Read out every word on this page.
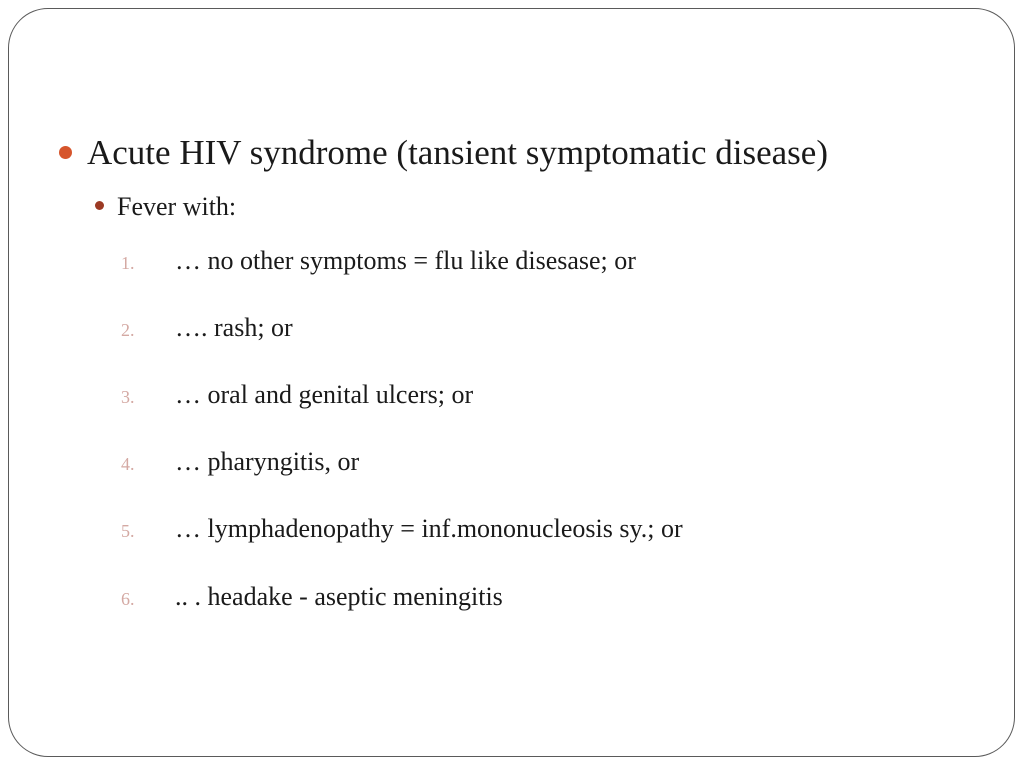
Acute HIV syndrome (tansient symptomatic disease)
Fever with:
1. … no other symptoms = flu like disesase; or
2. …. rash; or
3. … oral and genital ulcers; or
4. … pharyngitis, or
5. … lymphadenopathy = inf.mononucleosis sy.; or
6. .. . headake - aseptic meningitis
